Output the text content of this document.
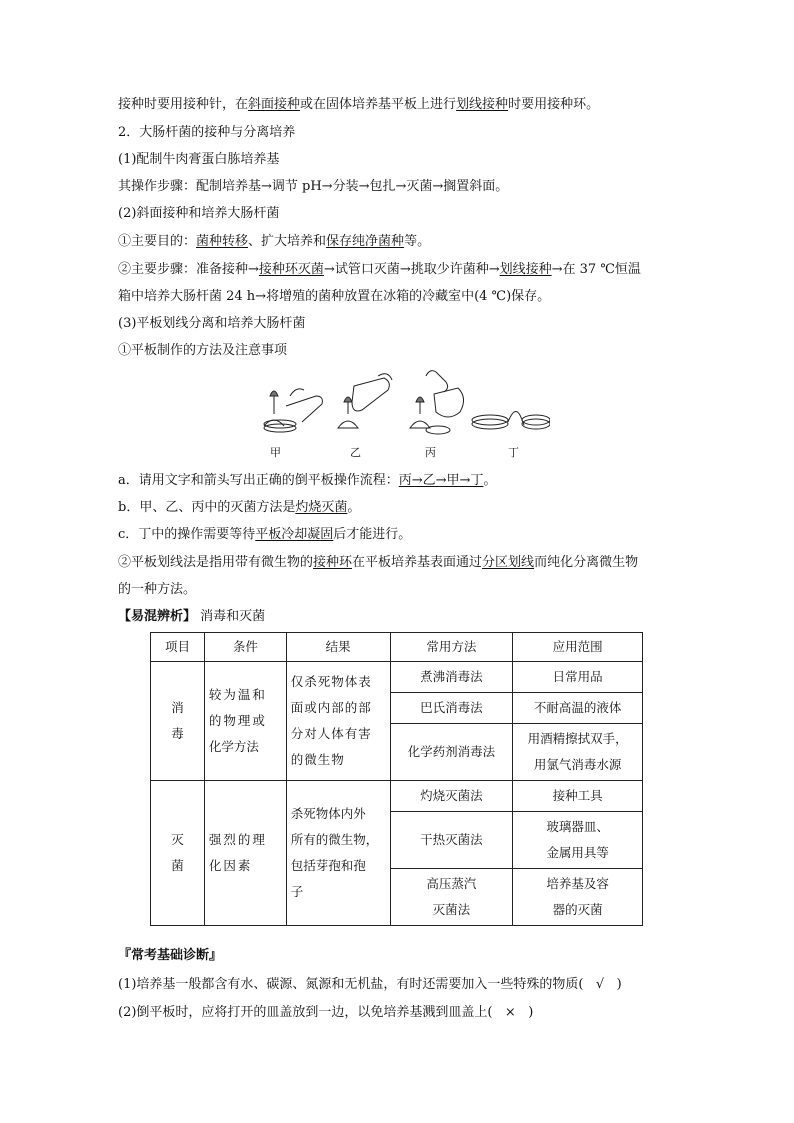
接种时要用接种针，在斜面接种或在固体培养基平板上进行划线接种时要用接种环。
2．大肠杆菌的接种与分离培养
(1)配制牛肉膏蛋白胨培养基
其操作步骤：配制培养基→调节 pH→分装→包扎→灭菌→搁置斜面。
(2)斜面接种和培养大肠杆菌
①主要目的：菌种转移、扩大培养和保存纯净菌种等。
②主要步骤：准备接种→接种环灭菌→试管口灭菌→挑取少许菌种→划线接种→在 37 ℃恒温
箱中培养大肠杆菌 24 h→将增殖的菌种放置在冰箱的冷藏室中(4 ℃)保存。
(3)平板划线分离和培养大肠杆菌
①平板制作的方法及注意事项
甲	乙	丙	丁
a．请用文字和箭头写出正确的倒平板操作流程：丙→乙→甲→丁。
b．甲、乙、丙中的灭菌方法是灼烧灭菌。
c．丁中的操作需要等待平板冷却凝固后才能进行。
②平板划线法是指用带有微生物的接种环在平板培养基表面通过分区划线而纯化分离微生物
的一种方法。
【易混辨析】 消毒和灭菌
项目	条件	结果	常用方法	应用范围
消
毒	较为温和
的物理或
化学方法	仅杀死物体表
面或内部的部
分对人体有害
的微生物	煮沸消毒法	日常用品
			巴氏消毒法	不耐高温的液体
			化学药剂消毒法	用酒精擦拭双手，
用氯气消毒水源
灭
菌	强烈的理
化因素	杀死物体内外
所有的微生物，
包括芽孢和孢
子	灼烧灭菌法	接种工具
			干热灭菌法	玻璃器皿、
金属用具等
			高压蒸汽
灭菌法	培养基及容
器的灭菌
『常考基础诊断』
(1)培养基一般都含有水、碳源、氮源和无机盐，有时还需要加入一些特殊的物质( √ )
(2)倒平板时，应将打开的皿盖放到一边，以免培养基溅到皿盖上( × )
